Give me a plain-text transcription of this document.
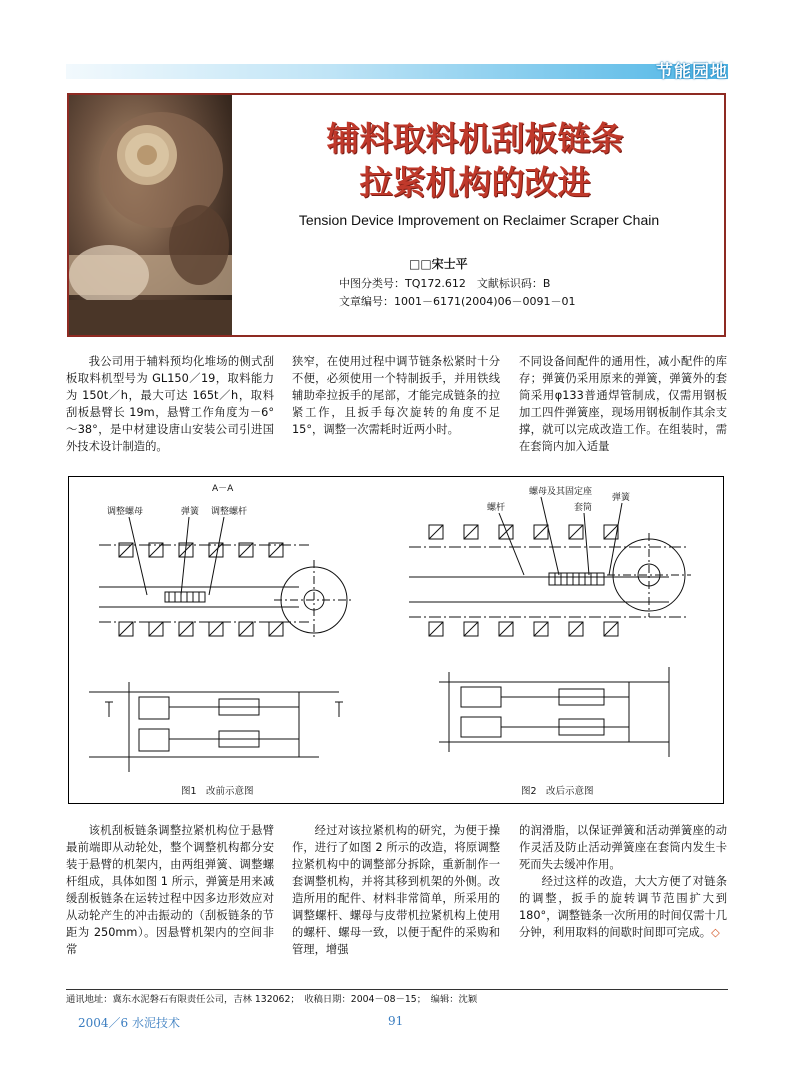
节能园地
辅料取料机刮板链条
拉紧机构的改进
Tension Device Improvement on Reclaimer Scraper Chain
□□宋士平
中图分类号：TQ172.612　文献标识码：B
文章编号：1001－6171(2004)06－0091－01

我公司用于辅料预均化堆场的侧式刮板取料机型号为 GL150／19，取料能力为 150t／h，最大可达 165t／h，取料刮板悬臂长 19m，悬臂工作角度为－6°～38°，是中材建设唐山安装公司引进国外技术设计制造的。

狭窄，在使用过程中调节链条松紧时十分不便，必须使用一个特制扳手，并用铁线辅助牵拉扳手的尾部，才能完成链条的拉紧工作，且扳手每次旋转的角度不足 15°，调整一次需耗时近两小时。

不同设备间配件的通用性，减小配件的库存；弹簧仍采用原来的弹簧，弹簧外的套筒采用φ133普通焊管制成，仅需用钢板加工四件弹簧座，现场用钢板制作其余支撑，就可以完成改造工作。在组装时，需在套筒内加入适量

A－A
调整螺母	弹簧 调整螺杆
螺母及其固定座
螺杆	套筒
弹簧
图1　改前示意图	图2　改后示意图

该机刮板链条调整拉紧机构位于悬臂最前端即从动轮处，整个调整机构都分安装于悬臂的机架内，由两组弹簧、调整螺杆组成，具体如图 1 所示，弹簧是用来减缓刮板链条在运转过程中因多边形效应对从动轮产生的冲击振动的（刮板链条的节距为 250mm）。因悬臂机架内的空间非常

经过对该拉紧机构的研究，为便于操作，进行了如图 2 所示的改造，将原调整拉紧机构中的调整部分拆除，重新制作一套调整机构，并将其移到机架的外侧。改造所用的配件、材料非常简单，所采用的调整螺杆、螺母与皮带机拉紧机构上使用的螺杆、螺母一致，以便于配件的采购和管理，增强

的润滑脂，以保证弹簧和活动弹簧座的动作灵活及防止活动弹簧座在套筒内发生卡死而失去缓冲作用。

经过这样的改造，大大方便了对链条的调整，扳手的旋转调节范围扩大到 180°，调整链条一次所用的时间仅需十几分钟，利用取料的间歇时间即可完成。◇

通讯地址：冀东水泥磐石有限责任公司，吉林 132062；　收稿日期：2004－08－15；　编辑：沈颖
2004／6 水泥技术	91
